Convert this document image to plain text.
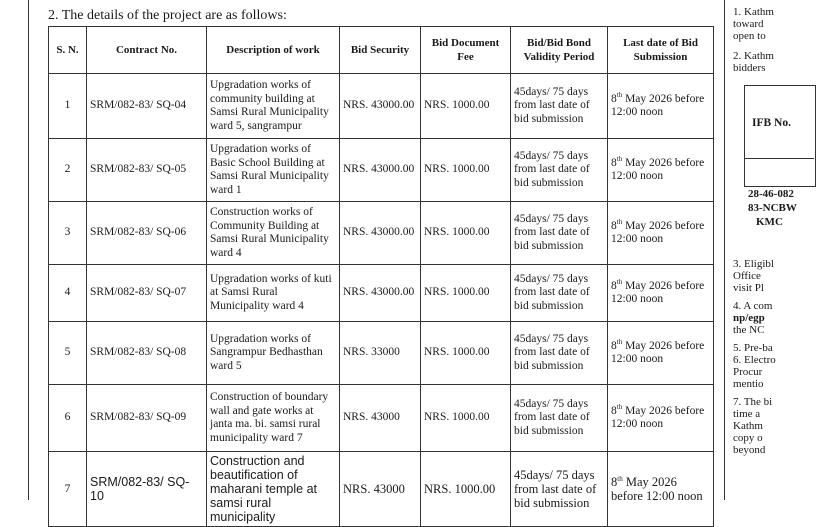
2. The details of the project are as follows:
S. N.	Contract No.	Description of work	Bid Security	Bid Document Fee	Bid/Bid Bond Validity Period	Last date of Bid Submission
1	SRM/082-83/ SQ-04	Upgradation works of community building at Samsi Rural Municipality ward 5, sangrampur	NRS. 43000.00	NRS. 1000.00	45days/ 75 days from last date of bid submission	8th May 2026 before 12:00 noon
2	SRM/082-83/ SQ-05	Upgradation works of Basic School Building at Samsi Rural Municipality ward 1	NRS. 43000.00	NRS. 1000.00	45days/ 75 days from last date of bid submission	8th May 2026 before 12:00 noon
3	SRM/082-83/ SQ-06	Construction works of Community Building at Samsi Rural Municipality ward 4	NRS. 43000.00	NRS. 1000.00	45days/ 75 days from last date of bid submission	8th May 2026 before 12:00 noon
4	SRM/082-83/ SQ-07	Upgradation works of kuti at Samsi Rural Municipality ward 4	NRS. 43000.00	NRS. 1000.00	45days/ 75 days from last date of bid submission	8th May 2026 before 12:00 noon
5	SRM/082-83/ SQ-08	Upgradation works of Sangrampur Bedhasthan ward 5	NRS. 33000	NRS. 1000.00	45days/ 75 days from last date of bid submission	8th May 2026 before 12:00 noon
6	SRM/082-83/ SQ-09	Construction of boundary wall and gate works at janta ma. bi. samsi rural municipality ward 7	NRS. 43000	NRS. 1000.00	45days/ 75 days from last date of bid submission	8th May 2026 before 12:00 noon
7	SRM/082-83/ SQ-10	Construction and beautification of maharani temple at samsi rural municipality	NRS. 43000	NRS. 1000.00	45days/ 75 days from last date of bid submission	8th May 2026 before 12:00 noon
1. Kathm
toward
open to
2. Kathm
bidders
3. Eligibl
Office
visit Pl
4. A com
np/egp
the NC
5. Pre-ba
6. Electro
Procur
mentio
7. The bi
time a
Kathm
copy o
beyond
IFB No.
28-46-082
83-NCBW
KMC
